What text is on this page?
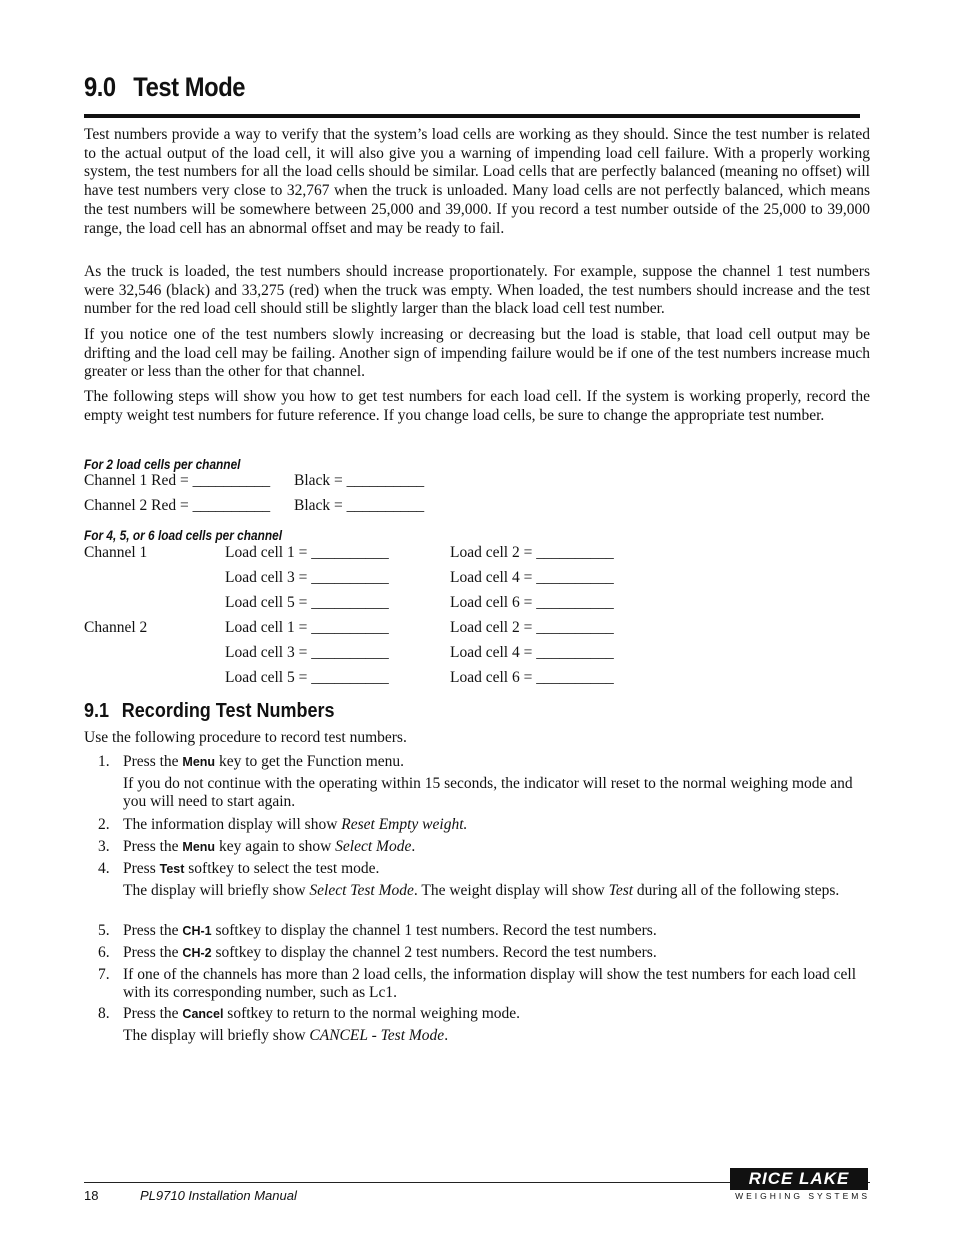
9.0 Test Mode

Test numbers provide a way to verify that the system’s load cells are working as they should. Since the test number is related to the actual output of the load cell, it will also give you a warning of impending load cell failure. With a properly working system, the test numbers for all the load cells should be similar. Load cells that are perfectly balanced (meaning no offset) will have test numbers very close to 32,767 when the truck is unloaded. Many load cells are not perfectly balanced, which means the test numbers will be somewhere between 25,000 and 39,000. If you record a test number outside of the 25,000 to 39,000 range, the load cell has an abnormal offset and may be ready to fail.

As the truck is loaded, the test numbers should increase proportionately. For example, suppose the channel 1 test numbers were 32,546 (black) and 33,275 (red) when the truck was empty. When loaded, the test numbers should increase and the test number for the red load cell should still be slightly larger than the black load cell test number.

If you notice one of the test numbers slowly increasing or decreasing but the load is stable, that load cell output may be drifting and the load cell may be failing. Another sign of impending failure would be if one of the test numbers increase much greater or less than the other for that channel.

The following steps will show you how to get test numbers for each load cell. If the system is working properly, record the empty weight test numbers for future reference. If you change load cells, be sure to change the appropriate test number.

For 2 load cells per channel
Channel 1 Red = __________ Black = __________
Channel 2 Red = __________ Black = __________
For 4, 5, or 6 load cells per channel
Channel 1	Load cell 1 = __________	Load cell 2 = __________
Load cell 3 = __________	Load cell 4 = __________
Load cell 5 = __________	Load cell 6 = __________
Channel 2	Load cell 1 = __________	Load cell 2 = __________
Load cell 3 = __________	Load cell 4 = __________
Load cell 5 = __________	Load cell 6 = __________
9.1 Recording Test Numbers
Use the following procedure to record test numbers.
1. Press the Menu key to get the Function menu.

If you do not continue with the operating within 15 seconds, the indicator will reset to the normal weighing mode and you will need to start again.

2. The information display will show Reset Empty weight.

3. Press the Menu key again to show Select Mode.

4. Press Test softkey to select the test mode.

The display will briefly show Select Test Mode. The weight display will show Test during all of the following steps.

5. Press the CH-1 softkey to display the channel 1 test numbers. Record the test numbers.

6. Press the CH-2 softkey to display the channel 2 test numbers. Record the test numbers.

7. If one of the channels has more than 2 load cells, the information display will show the test numbers for each load cell with its corresponding number, such as Lc1.

8. Press the Cancel softkey to return to the normal weighing mode.

The display will briefly show CANCEL - Test Mode.

18	PL9710 Installation Manual
RICE LAKE
WEIGHING SYSTEMS
